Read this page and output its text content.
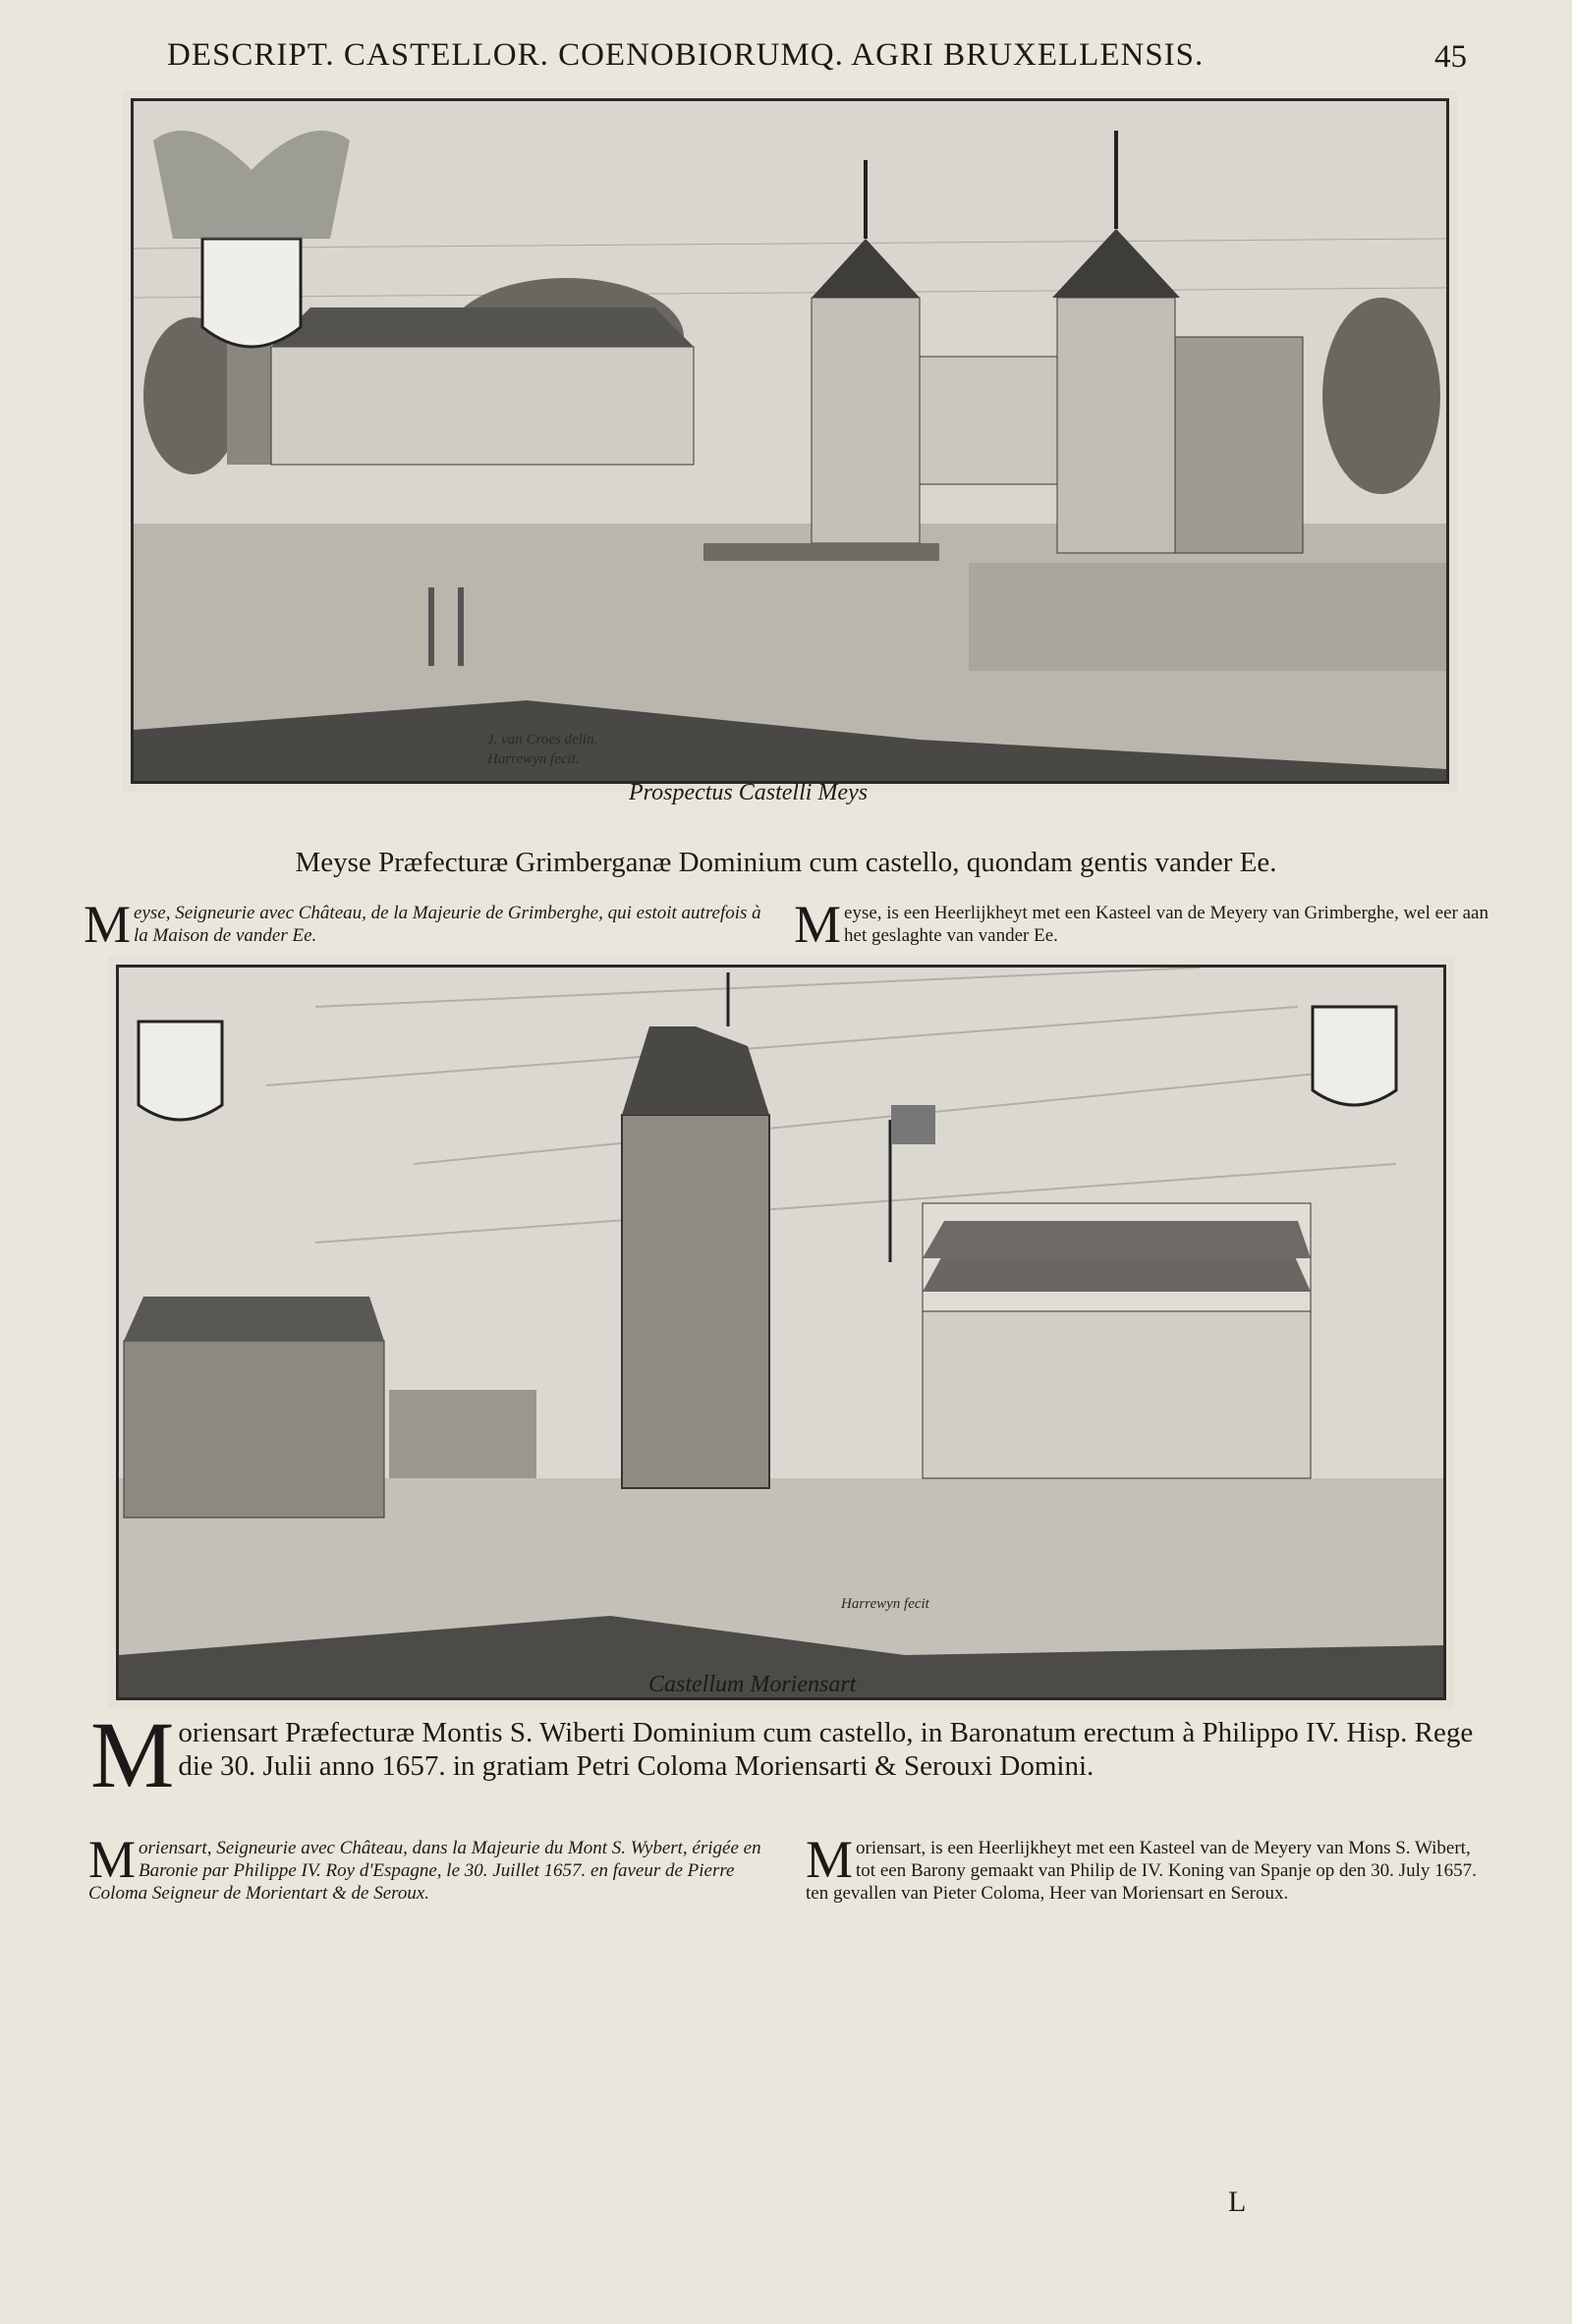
DESCRIPT. CASTELLOR. COENOBIORUMQ. AGRI BRUXELLENSIS.	45
J. van Croes delin. Harrewyn fecit.
Prospectus Castelli Meys
Meyse Præfecturæ Grimberganæ Dominium cum castello, quondam gentis vander Ee.
Meyse, Seigneurie avec Château, de la Majeurie de Grimberghe, qui estoit autrefois à la Maison de vander Ee.	Meyse, is een Heerlijkheyt met een Kasteel van de Meyery van Grimberghe, wel eer aan het geslaghte van vander Ee.
Harrewyn fecit
Castellum Moriensart
Moriensart Præfecturæ Montis S. Wiberti Dominium cum castello, in Baronatum erectum à Philippo IV. Hisp. Rege die 30. Julii anno 1657. in gratiam Petri Coloma Moriensarti & Serouxi Domini.
Moriensart, Seigneurie avec Château, dans la Majeurie du Mont S. Wybert, érigée en Baronie par Philippe IV. Roy d'Espagne, le 30. Juillet 1657. en faveur de Pierre Coloma Seigneur de Morientart & de Seroux.
Moriensart, is een Heerlijkheyt met een Kasteel van de Meyery van Mons S. Wibert, tot een Barony gemaakt van Philip de IV. Koning van Spanje op den 30. July 1657. ten gevallen van Pieter Coloma, Heer van Moriensart en Seroux.
L
